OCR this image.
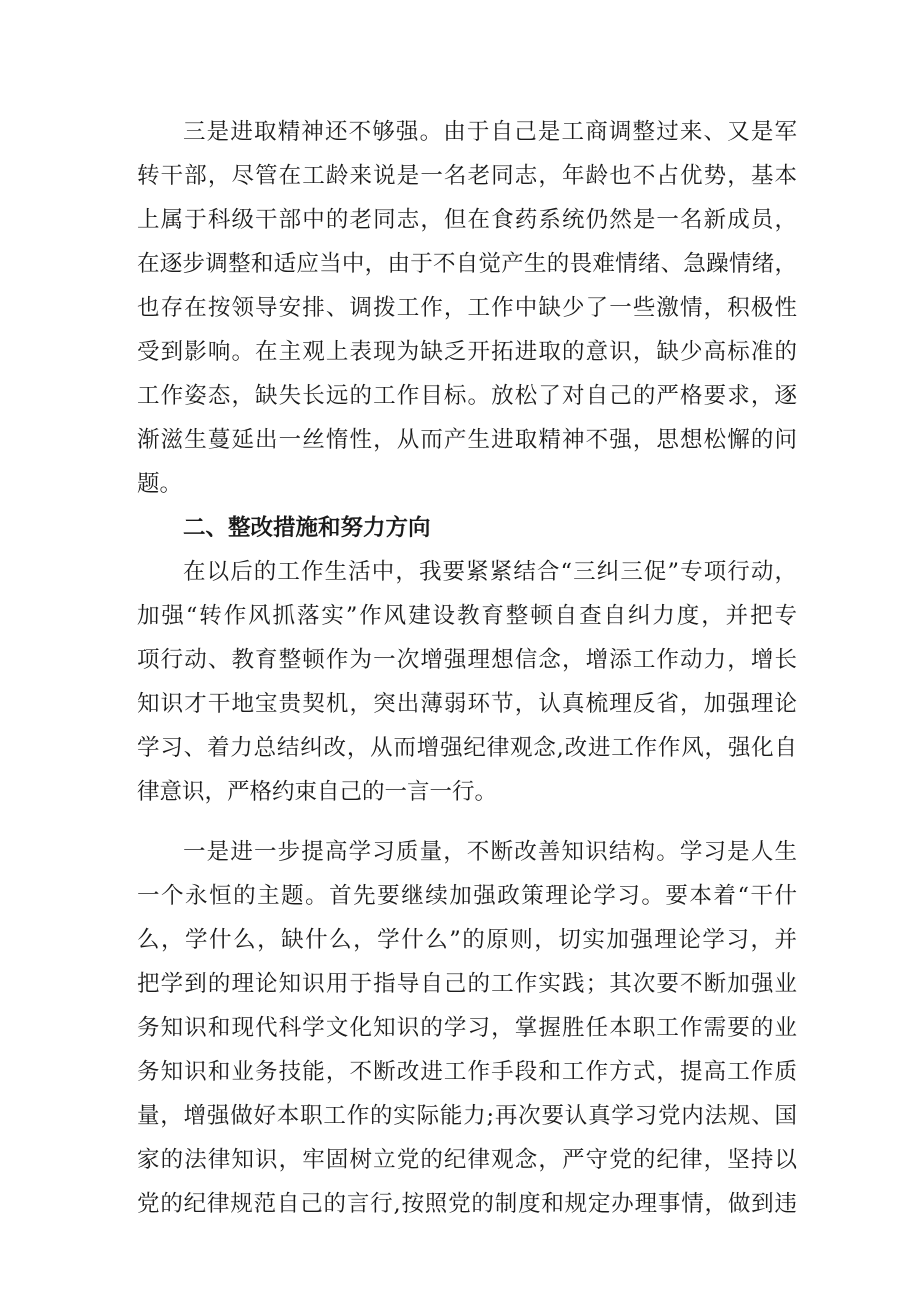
三是进取精神还不够强。由于自己是工商调整过来、又是军
转干部，尽管在工龄来说是一名老同志，年龄也不占优势，基本
上属于科级干部中的老同志，但在食药系统仍然是一名新成员，
在逐步调整和适应当中，由于不自觉产生的畏难情绪、急躁情绪，
也存在按领导安排、调拨工作，工作中缺少了一些激情，积极性
受到影响。在主观上表现为缺乏开拓进取的意识，缺少高标准的
工作姿态，缺失长远的工作目标。放松了对自己的严格要求，逐
渐滋生蔓延出一丝惰性，从而产生进取精神不强，思想松懈的问
题。
二、整改措施和努力方向
在以后的工作生活中，我要紧紧结合“三纠三促”专项行动，
加强“转作风抓落实”作风建设教育整顿自查自纠力度，并把专
项行动、教育整顿作为一次增强理想信念，增添工作动力，增长
知识才干地宝贵契机，突出薄弱环节，认真梳理反省，加强理论
学习、着力总结纠改，从而增强纪律观念,改进工作作风，强化自
律意识，严格约束自己的一言一行。
一是进一步提高学习质量，不断改善知识结构。学习是人生
一个永恒的主题。首先要继续加强政策理论学习。要本着“干什
么，学什么，缺什么，学什么”的原则，切实加强理论学习，并
把学到的理论知识用于指导自己的工作实践；其次要不断加强业
务知识和现代科学文化知识的学习，掌握胜任本职工作需要的业
务知识和业务技能，不断改进工作手段和工作方式，提高工作质
量，增强做好本职工作的实际能力;再次要认真学习党内法规、国
家的法律知识，牢固树立党的纪律观念，严守党的纪律，坚持以
党的纪律规范自己的言行,按照党的制度和规定办理事情，做到违
